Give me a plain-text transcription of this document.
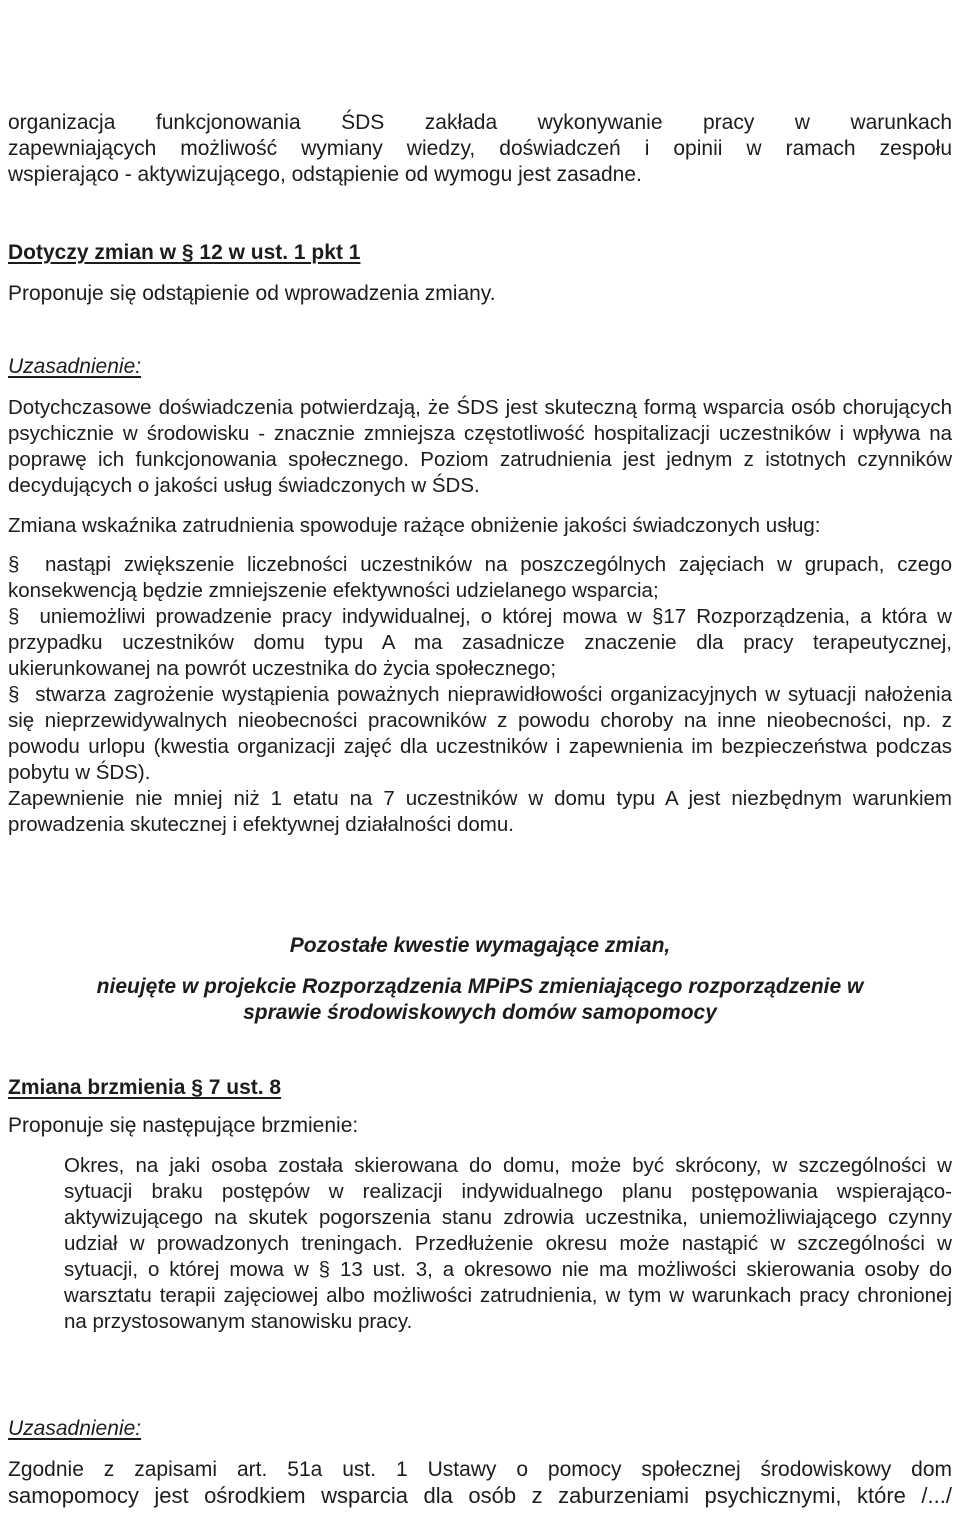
organizacja funkcjonowania ŚDS zakłada wykonywanie pracy w warunkach
zapewniających możliwość wymiany wiedzy, doświadczeń i opinii w ramach zespołu
wspierająco - aktywizującego, odstąpienie od wymogu jest zasadne.
Dotyczy zmian w § 12 w ust. 1 pkt 1
Proponuje się odstąpienie od wprowadzenia zmiany.
Uzasadnienie:

Dotychczasowe doświadczenia potwierdzają, że ŚDS jest skuteczną formą wsparcia osób chorujących psychicznie w środowisku - znacznie zmniejsza częstotliwość hospitalizacji uczestników i wpływa na poprawę ich funkcjonowania społecznego. Poziom zatrudnienia jest jednym z istotnych czynników decydujących o jakości usług świadczonych w ŚDS.

Zmiana wskaźnika zatrudnienia spowoduje rażące obniżenie jakości świadczonych usług:

§ nastąpi zwiększenie liczebności uczestników na poszczególnych zajęciach w grupach, czego konsekwencją będzie zmniejszenie efektywności udzielanego wsparcia;

§ uniemożliwi prowadzenie pracy indywidualnej, o której mowa w §17 Rozporządzenia, a która w przypadku uczestników domu typu A ma zasadnicze znaczenie dla pracy terapeutycznej, ukierunkowanej na powrót uczestnika do życia społecznego;

§ stwarza zagrożenie wystąpienia poważnych nieprawidłowości organizacyjnych w sytuacji nałożenia się nieprzewidywalnych nieobecności pracowników z powodu choroby na inne nieobecności, np. z powodu urlopu (kwestia organizacji zajęć dla uczestników i zapewnienia im bezpieczeństwa podczas pobytu w ŚDS).

Zapewnienie nie mniej niż 1 etatu na 7 uczestników w domu typu A jest niezbędnym warunkiem prowadzenia skutecznej i efektywnej działalności domu.

Pozostałe kwestie wymagające zmian,
nieujęte w projekcie Rozporządzenia MPiPS zmieniającego rozporządzenie w
sprawie środowiskowych domów samopomocy
Zmiana brzmienia § 7 ust. 8
Proponuje się następujące brzmienie:

Okres, na jaki osoba została skierowana do domu, może być skrócony, w szczególności w sytuacji braku postępów w realizacji indywidualnego planu postępowania wspierająco-aktywizującego na skutek pogorszenia stanu zdrowia uczestnika, uniemożliwiającego czynny udział w prowadzonych treningach. Przedłużenie okresu może nastąpić w szczególności w sytuacji, o której mowa w § 13 ust. 3, a okresowo nie ma możliwości skierowania osoby do warsztatu terapii zajęciowej albo możliwości zatrudnienia, w tym w warunkach pracy chronionej na przystosowanym stanowisku pracy.

Uzasadnienie:
Zgodnie z zapisami art. 51a ust. 1 Ustawy o pomocy społecznej środowiskowy dom
samopomocy jest ośrodkiem wsparcia dla osób z zaburzeniami psychicznymi, które /.../
